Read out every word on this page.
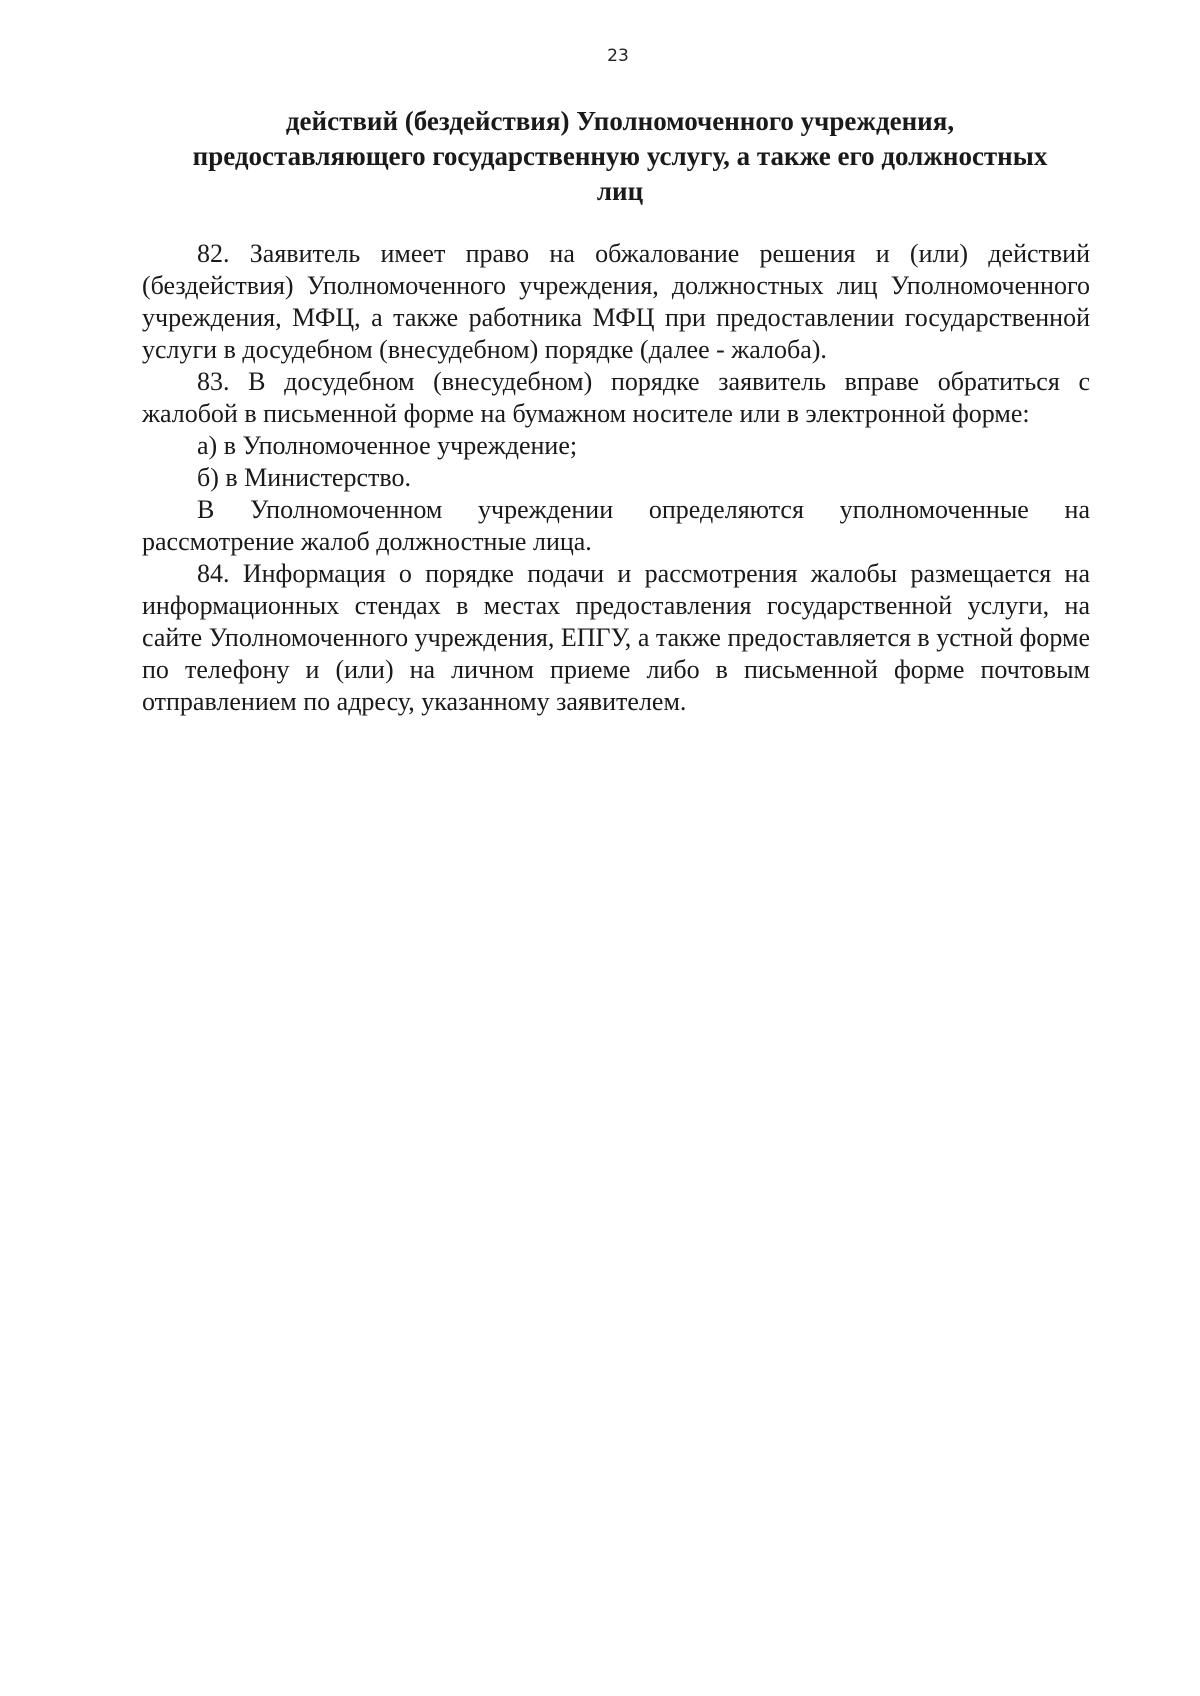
23
действий (бездействия) Уполномоченного учреждения,
предоставляющего государственную услугу, а также его должностных
лиц

82. Заявитель имеет право на обжалование решения и (или) действий (бездействия) Уполномоченного учреждения, должностных лиц Уполномоченного учреждения, МФЦ, а также работника МФЦ при предоставлении государственной услуги в досудебном (внесудебном) порядке (далее - жалоба).

83. В досудебном (внесудебном) порядке заявитель вправе обратиться с жалобой в письменной форме на бумажном носителе или в электронной форме:

а) в Уполномоченное учреждение;

б) в Министерство.

В Уполномоченном учреждении определяются уполномоченные на рассмотрение жалоб должностные лица.

84. Информация о порядке подачи и рассмотрения жалобы размещается на информационных стендах в местах предоставления государственной услуги, на сайте Уполномоченного учреждения, ЕПГУ, а также предоставляется в устной форме по телефону и (или) на личном приеме либо в письменной форме почтовым отправлением по адресу, указанному заявителем.
